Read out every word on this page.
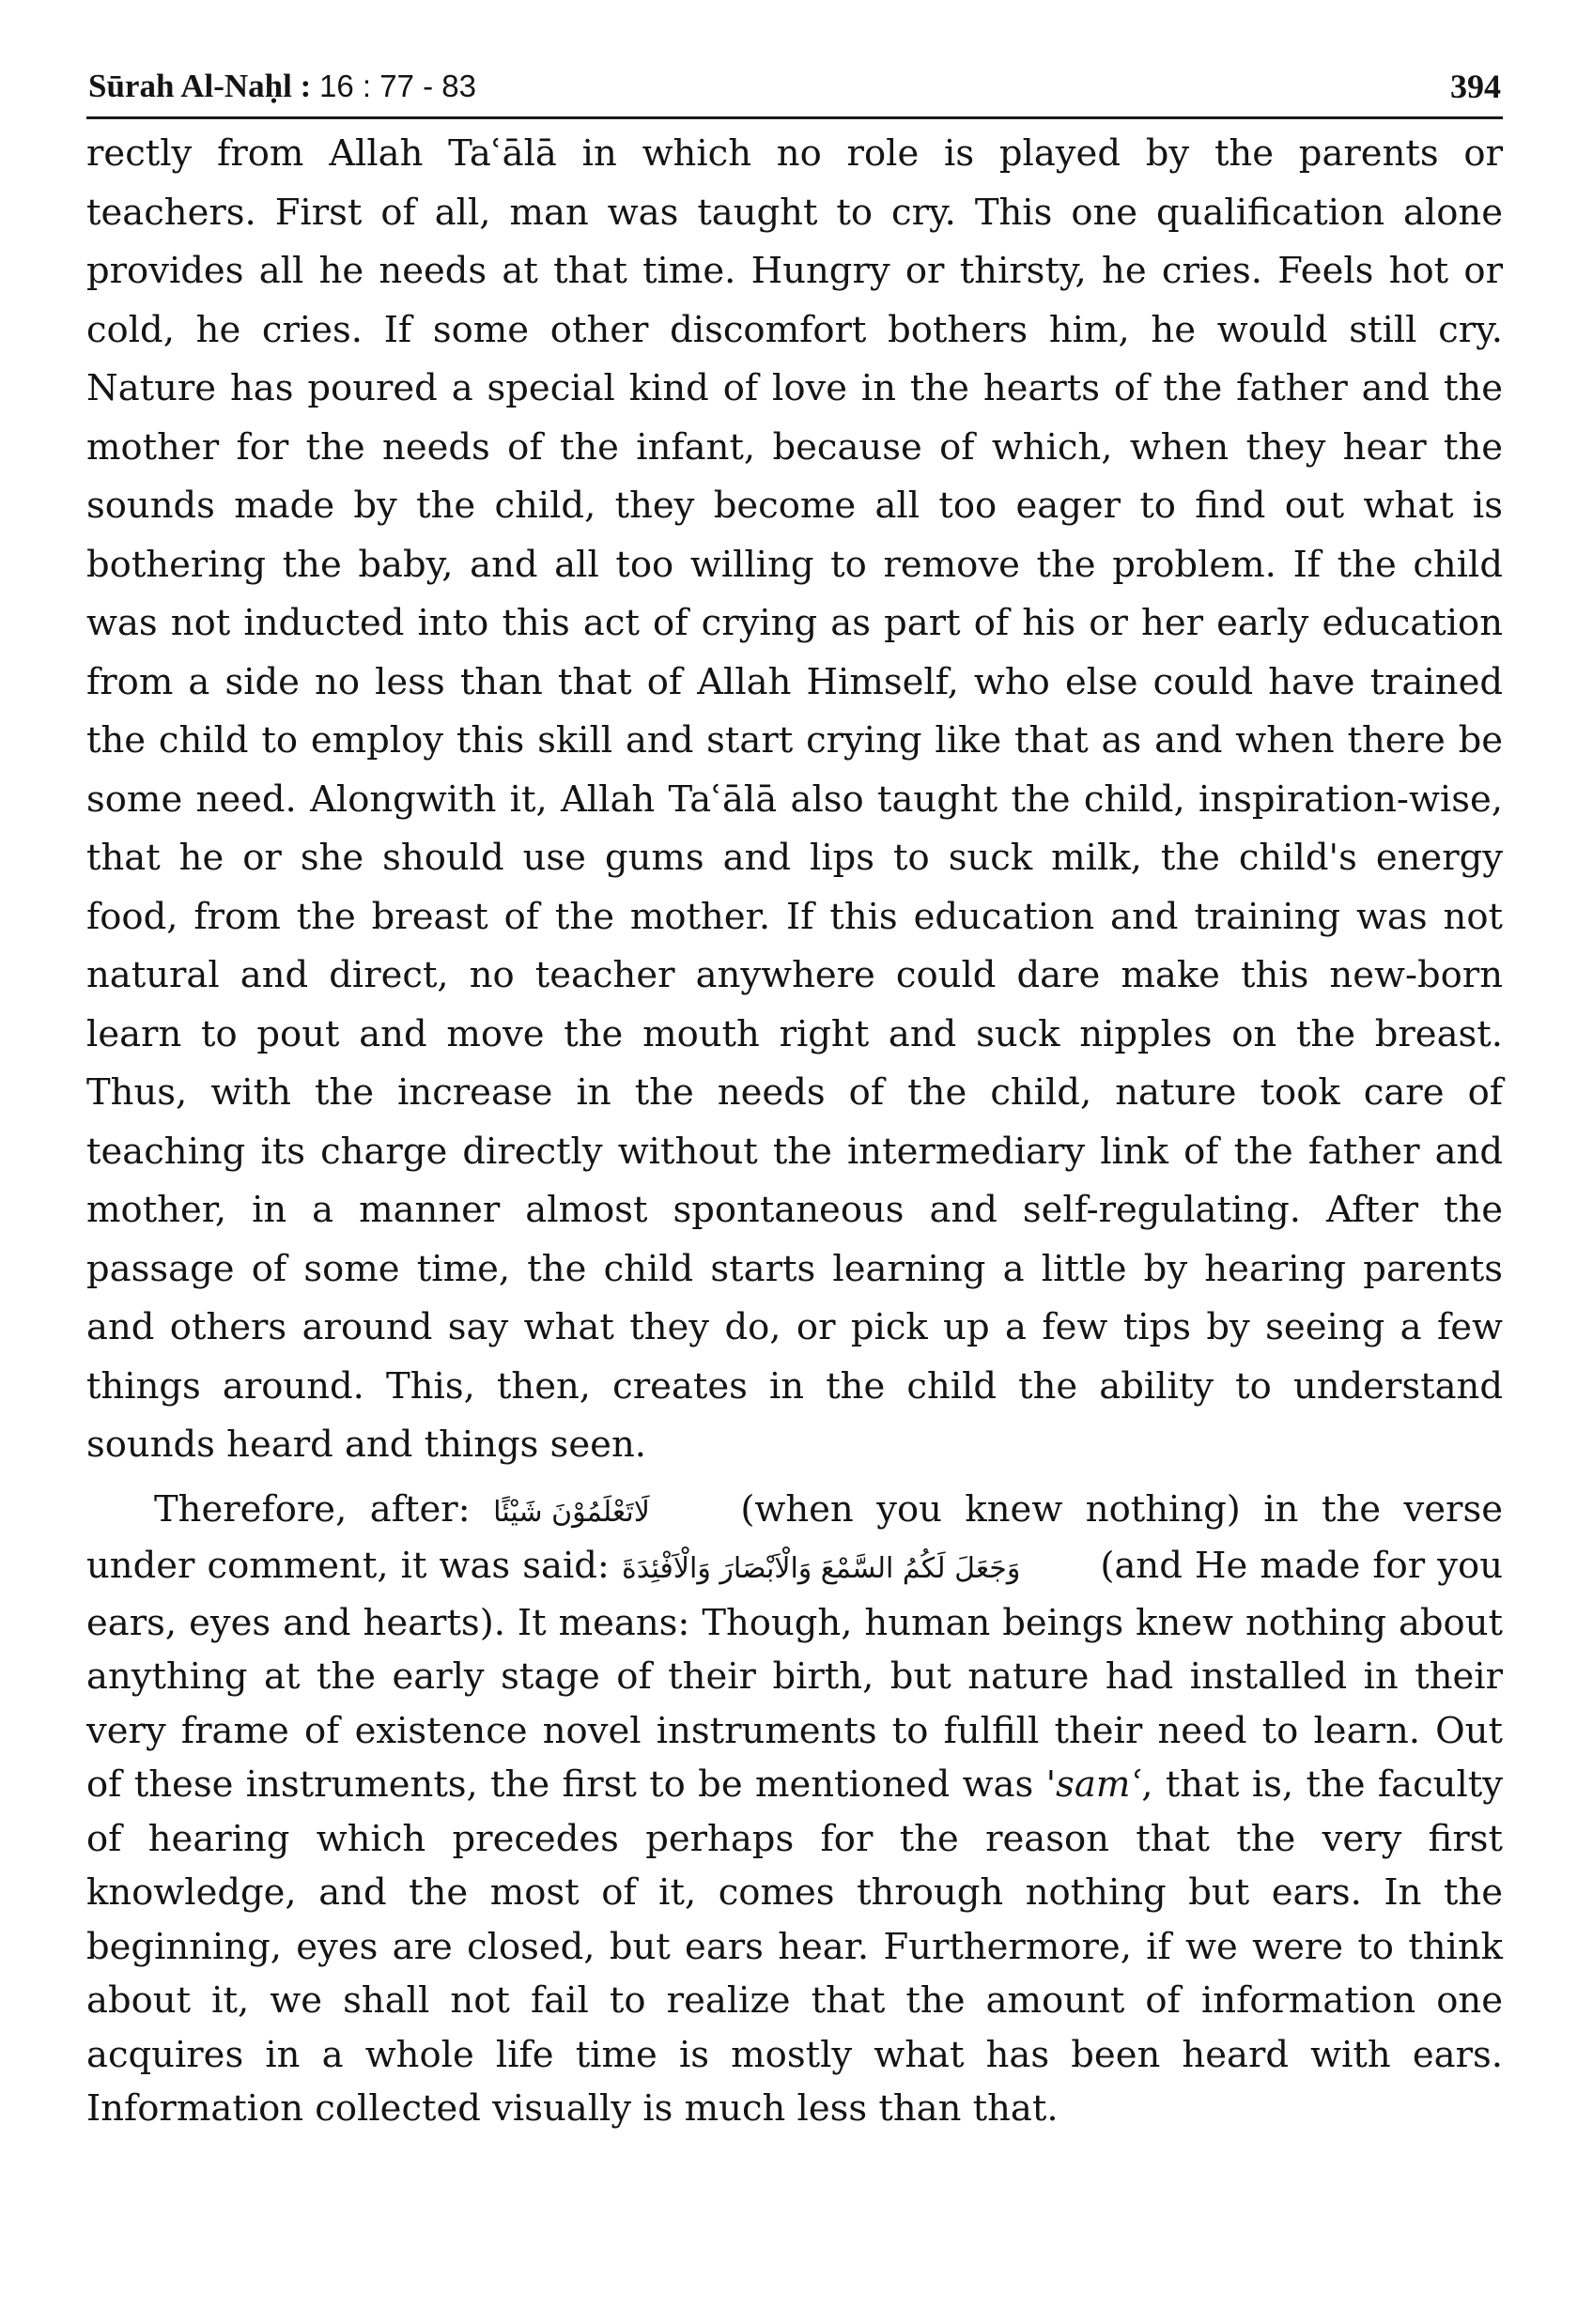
Sūrah Al-Naḥl : 16 : 77 - 83	394

rectly from Allah Taʿālā in which no role is played by the parents or teachers. First of all, man was taught to cry. This one qualification alone provides all he needs at that time. Hungry or thirsty, he cries. Feels hot or cold, he cries. If some other discomfort bothers him, he would still cry. Nature has poured a special kind of love in the hearts of the father and the mother for the needs of the infant, because of which, when they hear the sounds made by the child, they become all too eager to find out what is bothering the baby, and all too willing to remove the problem. If the child was not inducted into this act of crying as part of his or her early education from a side no less than that of Allah Himself, who else could have trained the child to employ this skill and start crying like that as and when there be some need. Alongwith it, Allah Taʿālā also taught the child, inspiration-wise, that he or she should use gums and lips to suck milk, the child's energy food, from the breast of the mother. If this education and training was not natural and direct, no teacher anywhere could dare make this new-born learn to pout and move the mouth right and suck nipples on the breast. Thus, with the increase in the needs of the child, nature took care of teaching its charge directly without the intermediary link of the father and mother, in a manner almost spontaneous and self-regulating. After the passage of some time, the child starts learning a little by hearing parents and others around say what they do, or pick up a few tips by seeing a few things around. This, then, creates in the child the ability to understand sounds heard and things seen.

Therefore, after: لَاتَعْلَمُوْنَ شَيْئًا	(when you knew nothing) in the verse under comment, it was said: وَجَعَلَ لَكُمُ السَّمْعَ وَالْاَبْصَارَ وَالْاَفْئِدَةَ (and He made for you ears, eyes and hearts). It means: Though, human beings knew nothing about anything at the early stage of their birth, but nature had installed in their very frame of existence novel instruments to fulfill their need to learn. Out of these instruments, the first to be mentioned was 'samʿ, that is, the faculty of hearing which precedes perhaps for the reason that the very first knowledge, and the most of it, comes through nothing but ears. In the beginning, eyes are closed, but ears hear. Furthermore, if we were to think about it, we shall not fail to realize that the amount of information one acquires in a whole life time is mostly what has been heard with ears. Information collected visually is much less than that.
